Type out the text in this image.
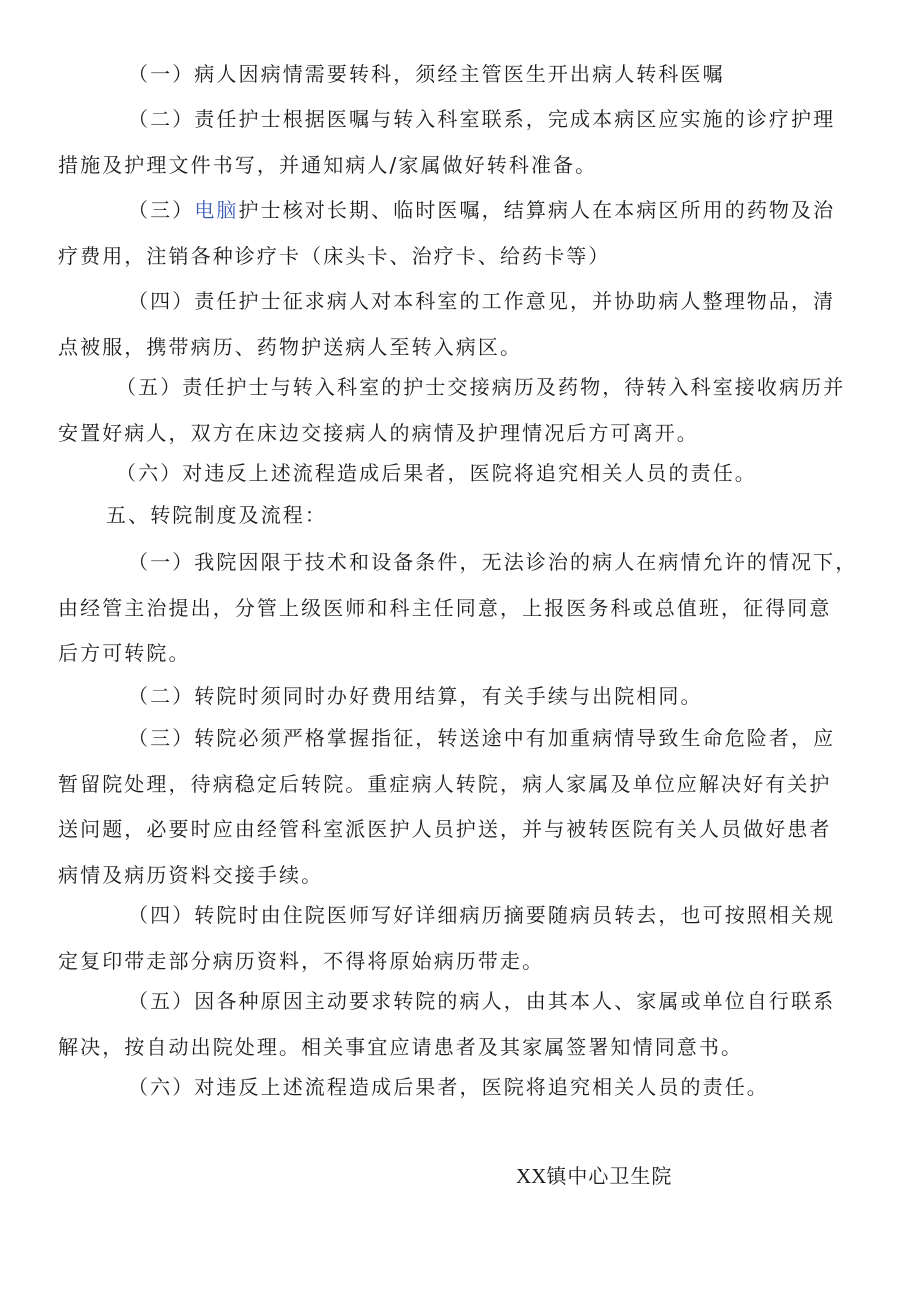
（一）病人因病情需要转科，须经主管医生开出病人转科医嘱

（二）责任护士根据医嘱与转入科室联系，完成本病区应实施的诊疗护理
措施及护理文件书写，并通知病人/家属做好转科准备。

（三）电脑护士核对长期、临时医嘱，结算病人在本病区所用的药物及治
疗费用，注销各种诊疗卡（床头卡、治疗卡、给药卡等）

（四）责任护士征求病人对本科室的工作意见，并协助病人整理物品，清
点被服，携带病历、药物护送病人至转入病区。

（五）责任护士与转入科室的护士交接病历及药物，待转入科室接收病历并
安置好病人，双方在床边交接病人的病情及护理情况后方可离开。

（六）对违反上述流程造成后果者，医院将追究相关人员的责任。

五、转院制度及流程：

（一）我院因限于技术和设备条件，无法诊治的病人在病情允许的情况下，
由经管主治提出，分管上级医师和科主任同意，上报医务科或总值班，征得同意
后方可转院。

（二）转院时须同时办好费用结算，有关手续与出院相同。

（三）转院必须严格掌握指征，转送途中有加重病情导致生命危险者，应
暂留院处理，待病稳定后转院。重症病人转院，病人家属及单位应解决好有关护
送问题，必要时应由经管科室派医护人员护送，并与被转医院有关人员做好患者
病情及病历资料交接手续。

（四）转院时由住院医师写好详细病历摘要随病员转去，也可按照相关规
定复印带走部分病历资料，不得将原始病历带走。

（五）因各种原因主动要求转院的病人，由其本人、家属或单位自行联系
解决，按自动出院处理。相关事宜应请患者及其家属签署知情同意书。

（六）对违反上述流程造成后果者，医院将追究相关人员的责任。

XX镇中心卫生院
